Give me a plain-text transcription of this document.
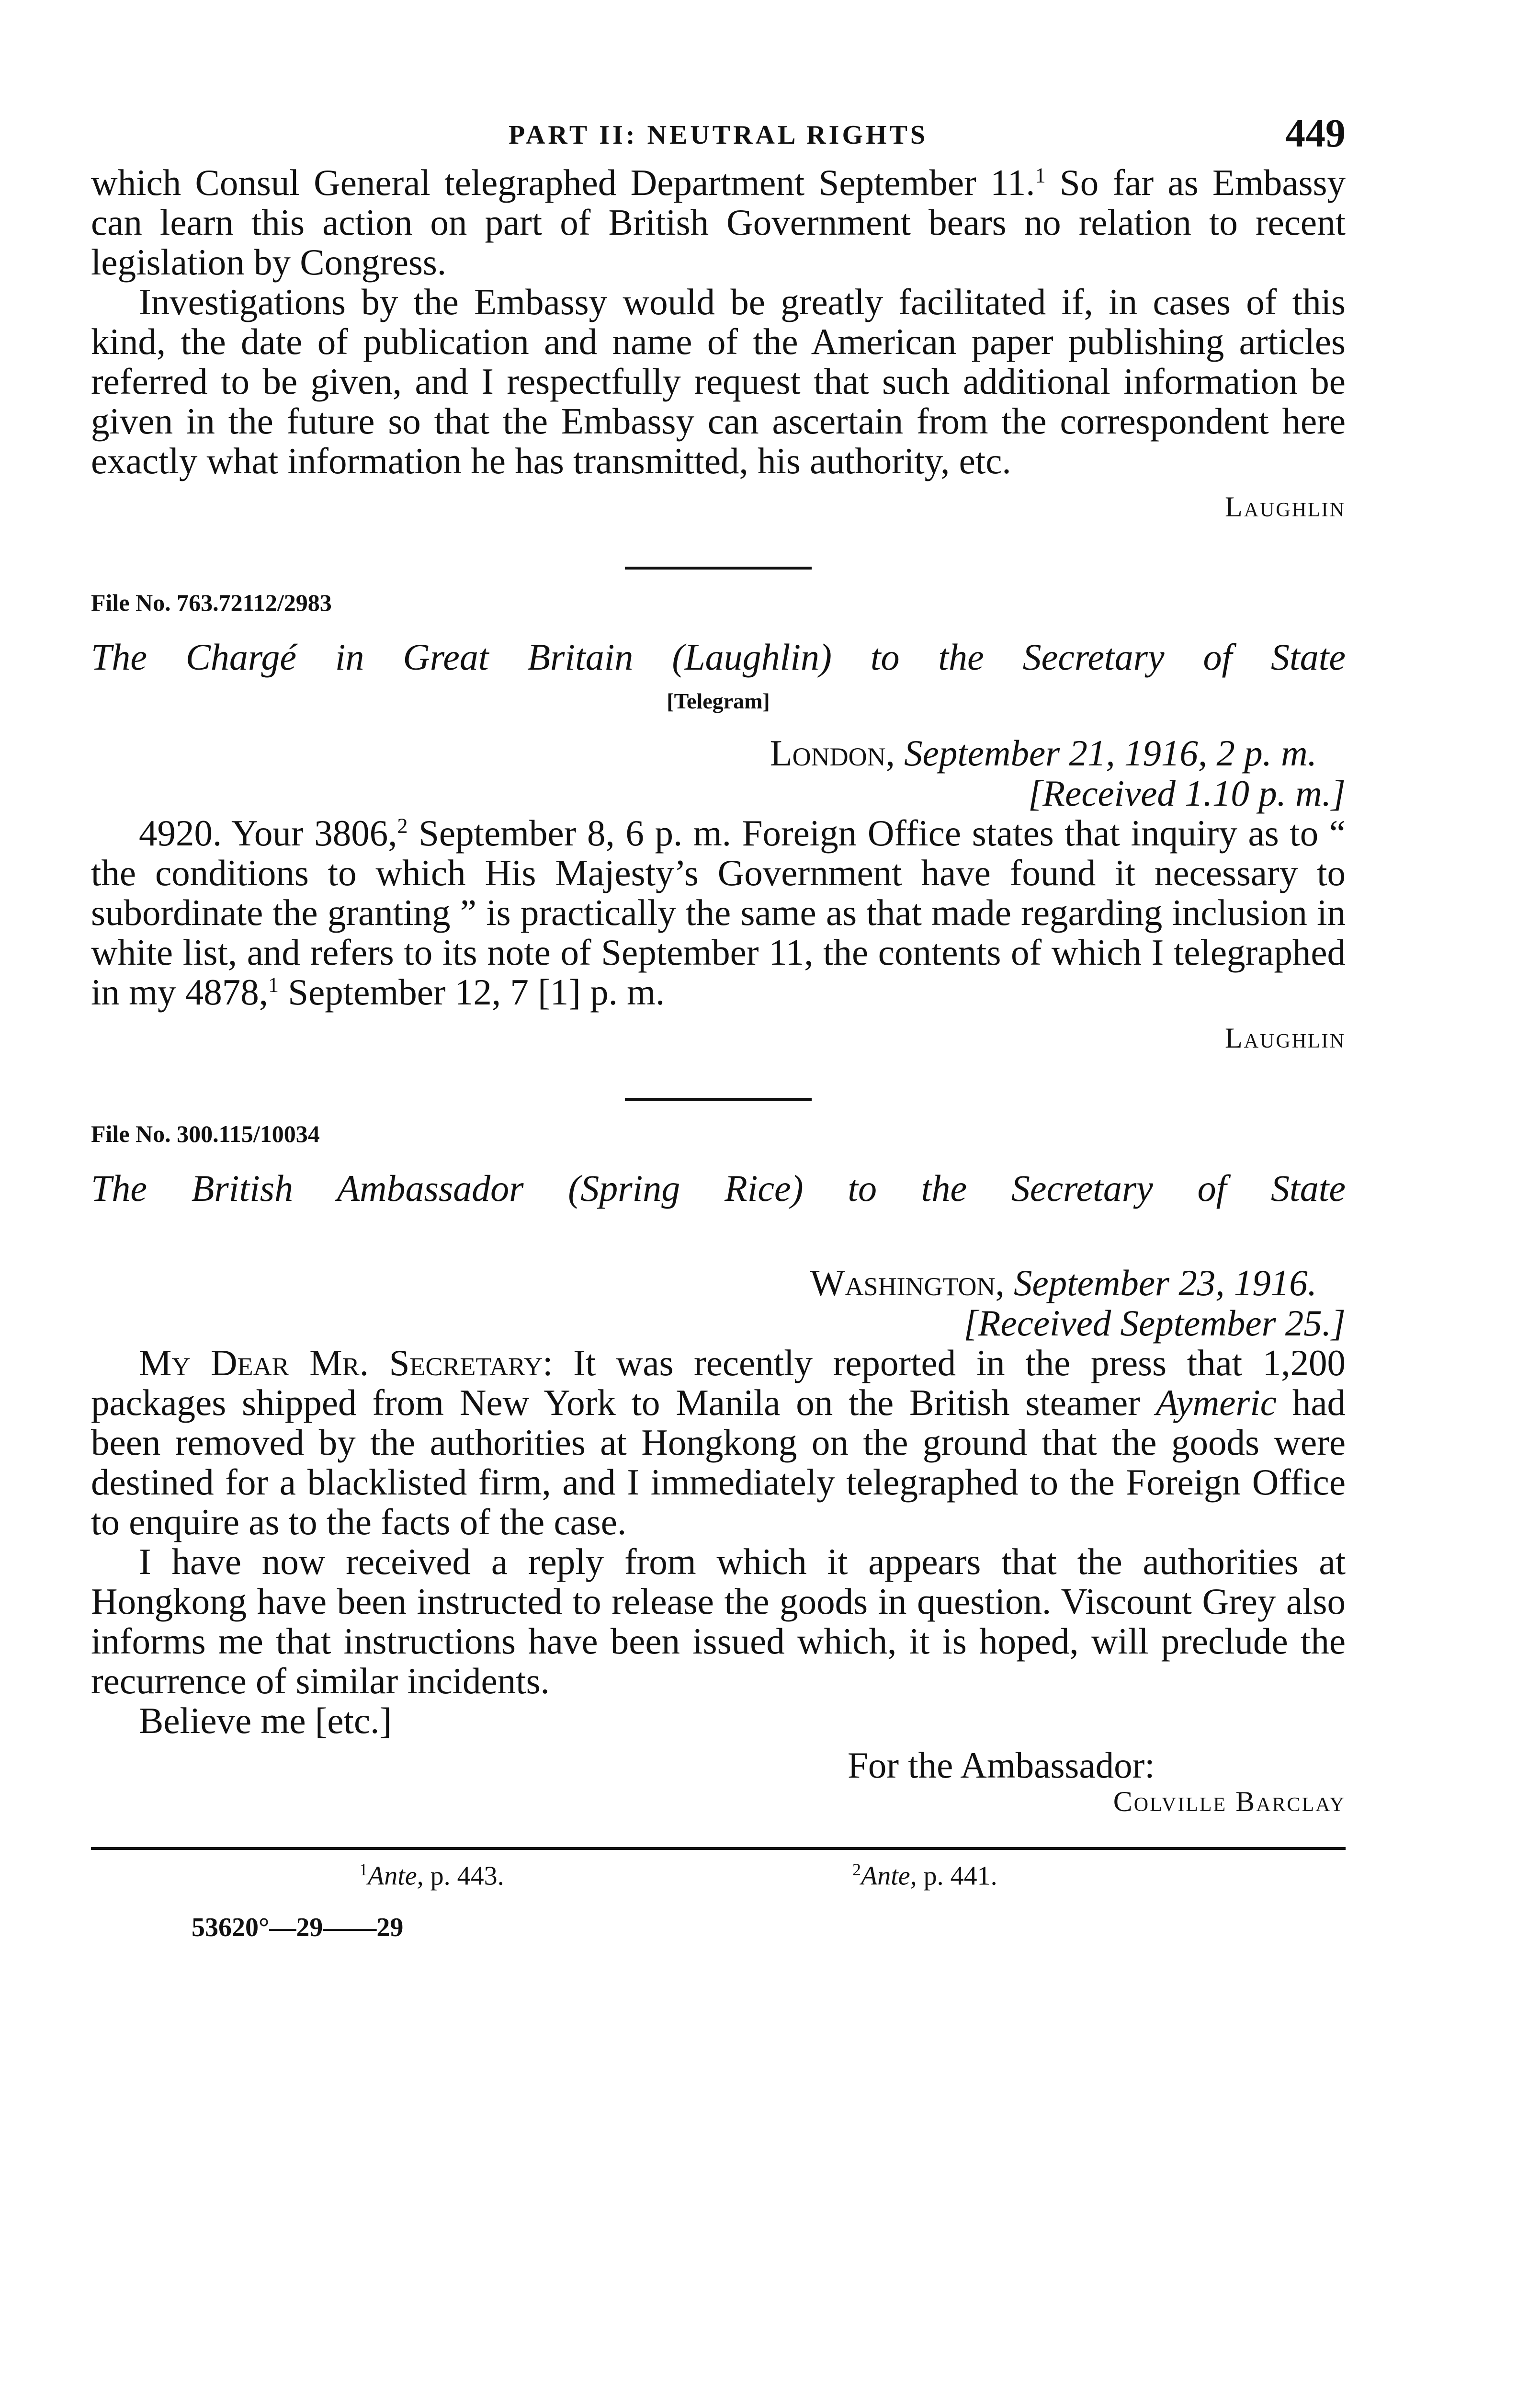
PART II: NEUTRAL RIGHTS	449

which Consul General telegraphed Department September 11.$^1$ So far as Embassy can learn this action on part of British Government bears no relation to recent legislation by Congress.

Investigations by the Embassy would be greatly facilitated if, in cases of this kind, the date of publication and name of the American paper publishing articles referred to be given, and I respectfully request that such additional information be given in the future so that the Embassy can ascertain from the correspondent here exactly what information he has transmitted, his authority, etc.

Laughlin
File No. 763.72112/2983
The Chargé in Great Britain (Laughlin) to the Secretary of State
[Telegram]
London, September 21, 1916, 2 p. m.
[Received 1.10 p. m.]

4920. Your 3806,$^2$ September 8, 6 p. m. Foreign Office states that inquiry as to “ the conditions to which His Majesty’s Government have found it necessary to subordinate the granting ” is practically the same as that made regarding inclusion in white list, and refers to its note of September 11, the contents of which I telegraphed in my 4878,$^1$ September 12, 7 [1] p. m.

Laughlin
File No. 300.115/10034
The British Ambassador (Spring Rice) to the Secretary of State
Washington, September 23, 1916.
[Received September 25.]

My Dear Mr. Secretary: It was recently reported in the press that 1,200 packages shipped from New York to Manila on the British steamer Aymeric had been removed by the authorities at Hongkong on the ground that the goods were destined for a blacklisted firm, and I immediately telegraphed to the Foreign Office to enquire as to the facts of the case.

I have now received a reply from which it appears that the authorities at Hongkong have been instructed to release the goods in question. Viscount Grey also informs me that instructions have been issued which, it is hoped, will preclude the recurrence of similar incidents.

Believe me [etc.]

For the Ambassador:
Colville Barclay
$^1$Ante, p. 443.	$^2$Ante, p. 441.
53620°—29——29
